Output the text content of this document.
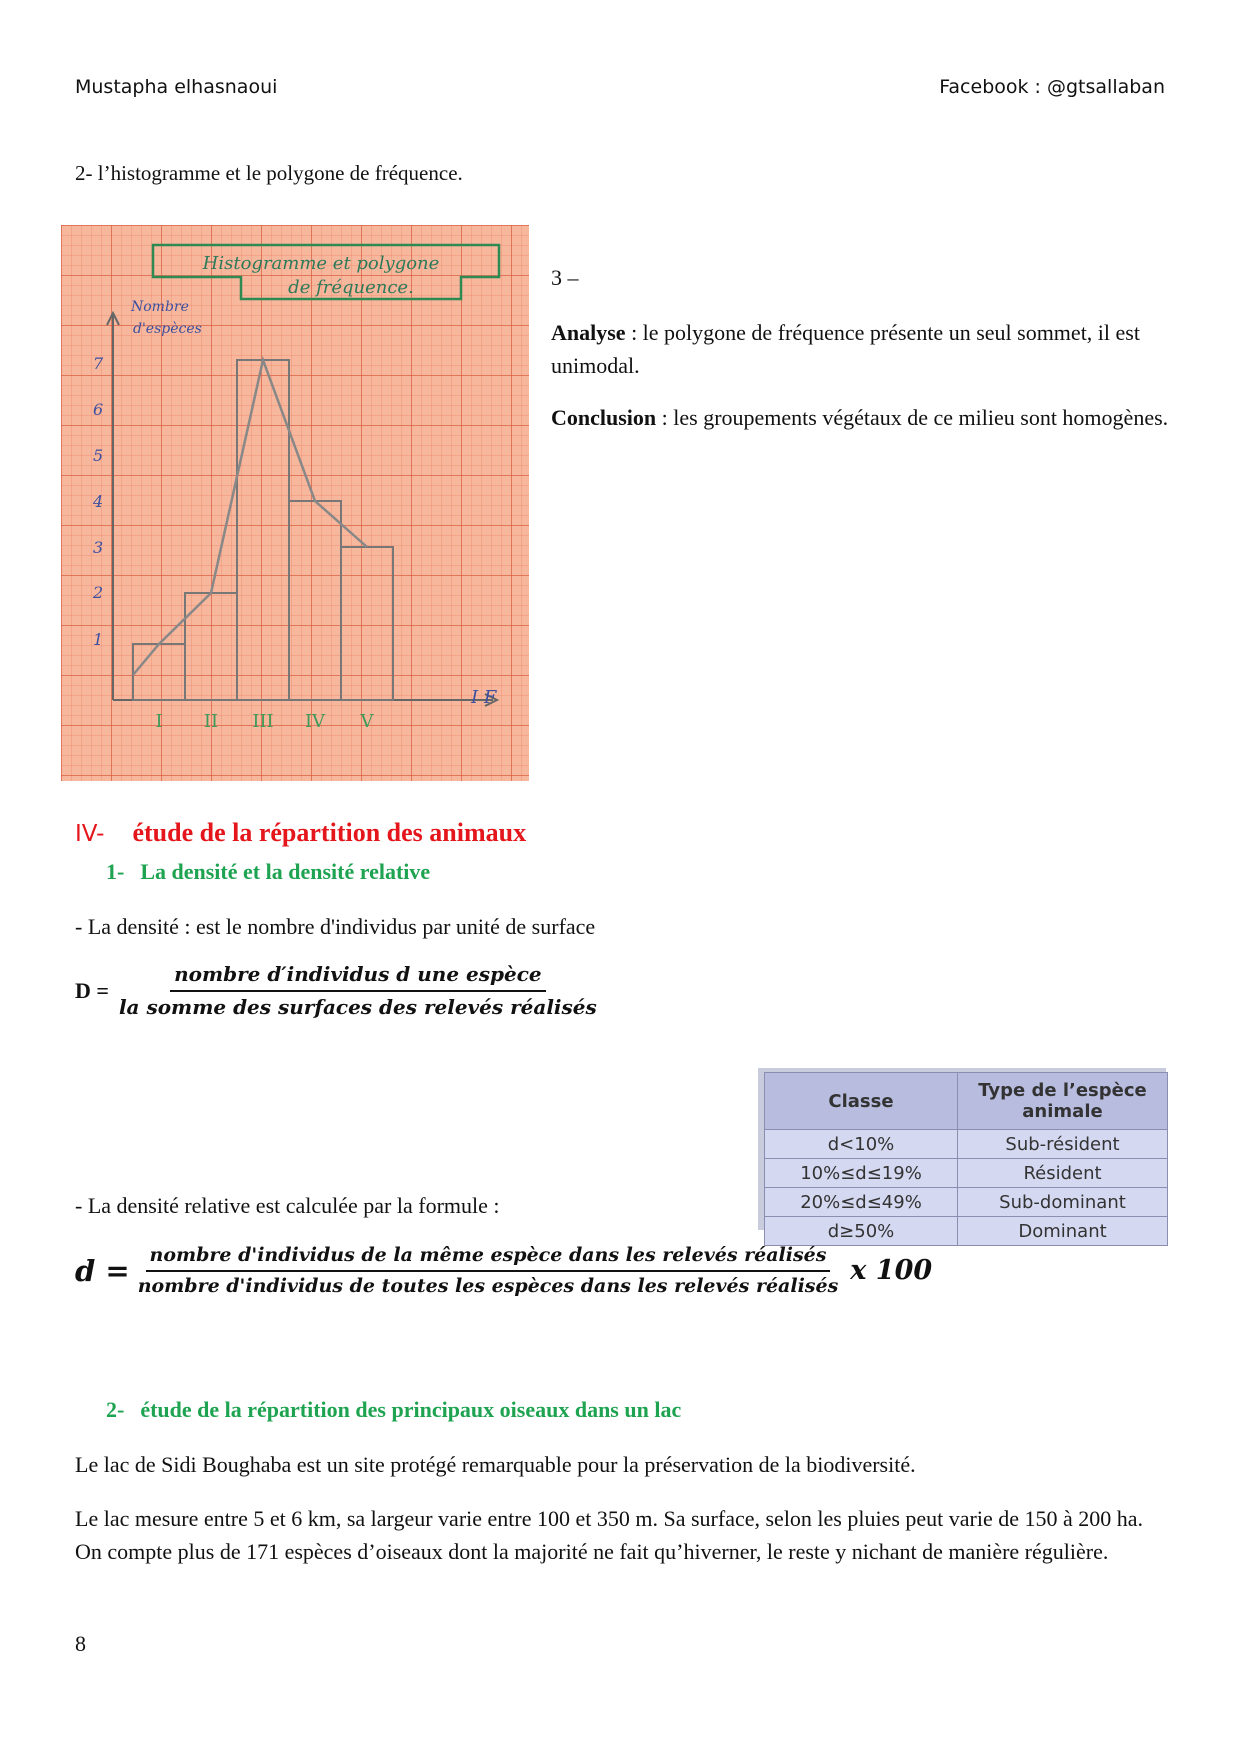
Mustapha elhasnaoui	Facebook : @gtsallaban
2- l’histogramme et le polygone de fréquence.
Histogramme et polygone
de fréquence.
Nombre
d'espèces
I F
1
2
3
4
5
6
7
I II III IV V
3 –
Analyse : le polygone de fréquence présente un seul sommet, il est unimodal.
Conclusion : les groupements végétaux de ce milieu sont homogènes.
IV- étude de la répartition des animaux
1- La densité et la densité relative
- La densité : est le nombre d'individus par unité de surface
$D = \frac{\text{nombre d′individus d une espèce}}{\text{la somme des surfaces des relevés réalisés}}$
Classe	Type de l’espèce animale
d<10%	Sub-résident
10%≤d≤19%	Résident
20%≤d≤49%	Sub-dominant
d≥50%	Dominant
- La densité relative est calculée par la formule :
d = nombre d'individus de la même espèce dans les relevés réalisés
nombre d'individus de toutes les espèces dans les relevés réalisés x 100
2- étude de la répartition des principaux oiseaux dans un lac
Le lac de Sidi Boughaba est un site protégé remarquable pour la préservation de la biodiversité.
Le lac mesure entre 5 et 6 km, sa largeur varie entre 100 et 350 m. Sa surface, selon les pluies peut varie de 150 à 200 ha. On compte plus de 171 espèces d’oiseaux dont la majorité ne fait qu’hiverner, le reste y nichant de manière régulière.
8
